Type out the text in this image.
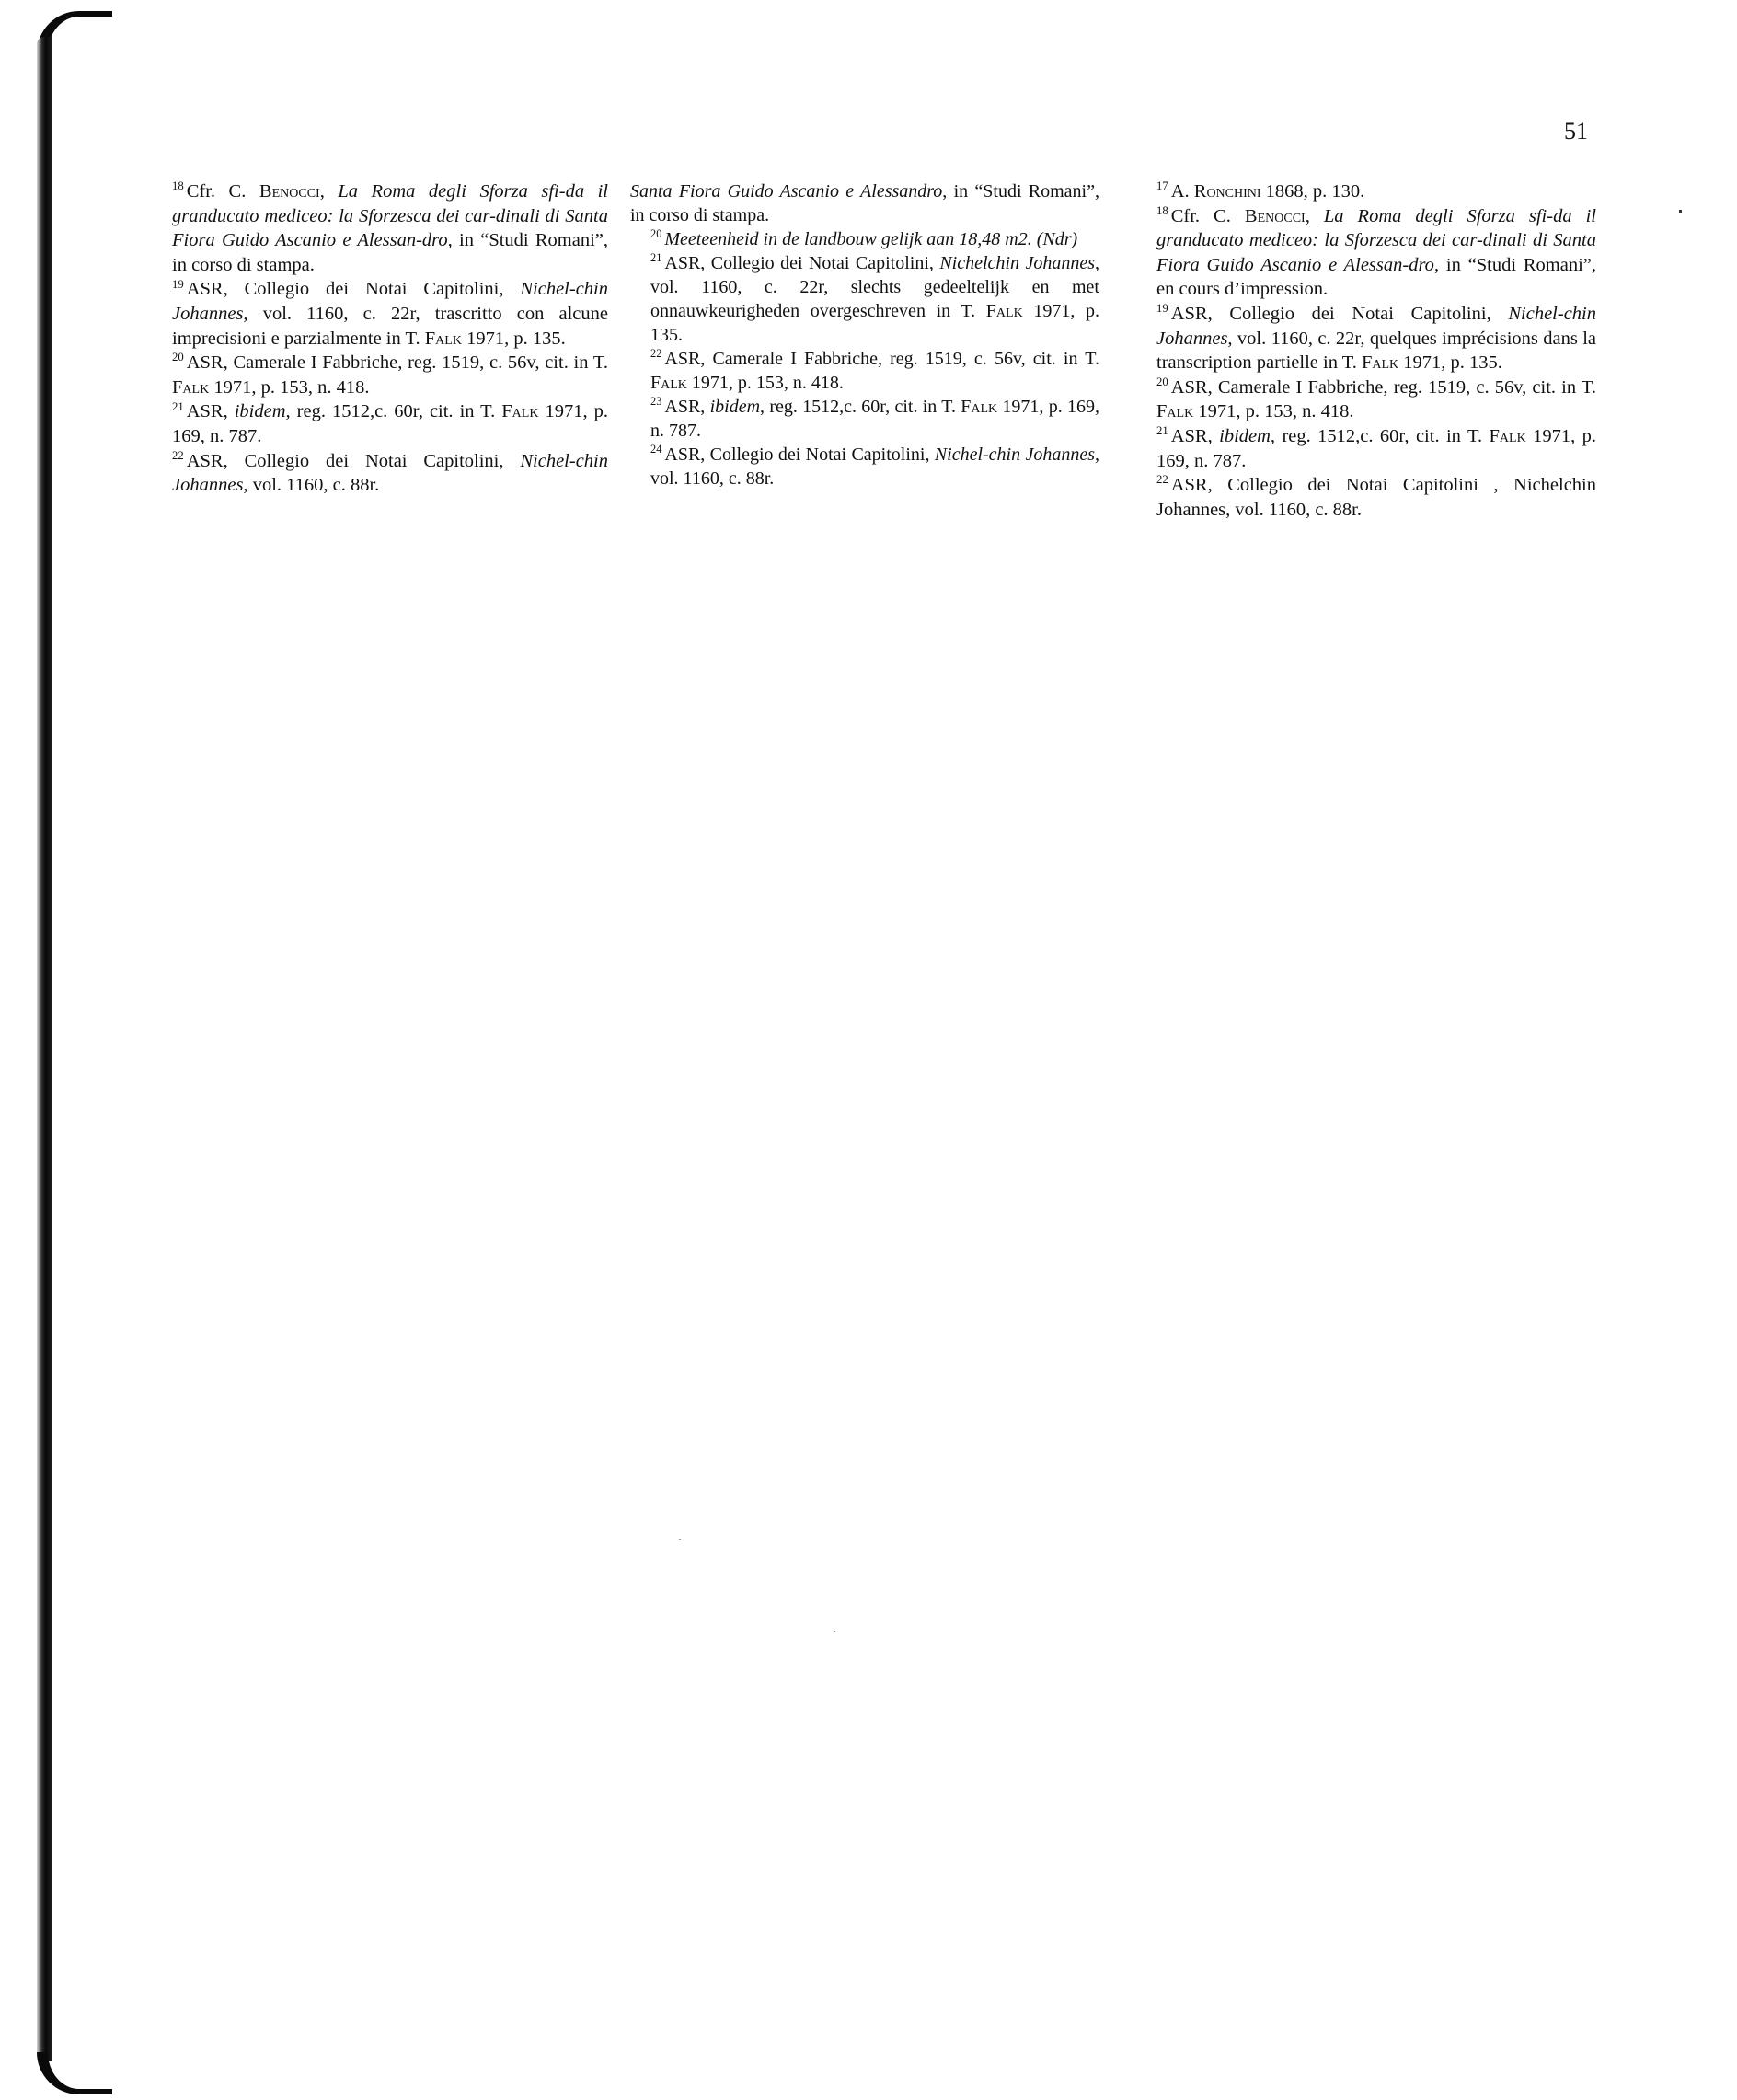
51

$^{18}$ Cfr. C. Benocci, La Roma degli Sforza sfi-da il granducato mediceo: la Sforzesca dei car-dinali di Santa Fiora Guido Ascanio e Alessan-dro, in “Studi Romani”, in corso di stampa.

$^{19}$ ASR, Collegio dei Notai Capitolini, Nichel-chin Johannes, vol. 1160, c. 22r, trascritto con alcune imprecisioni e parzialmente in T. Falk 1971, p. 135.

$^{20}$ ASR, Camerale I Fabbriche, reg. 1519, c. 56v, cit. in T. Falk 1971, p. 153, n. 418.

$^{21}$ ASR, ibidem, reg. 1512,c. 60r, cit. in T. Falk 1971, p. 169, n. 787.

$^{22}$ ASR, Collegio dei Notai Capitolini, Nichel-chin Johannes, vol. 1160, c. 88r.

Santa Fiora Guido Ascanio e Alessandro, in “Studi Romani”, in corso di stampa.

$^{20}$ Meeteenheid in de landbouw gelijk aan 18,48 m2. (Ndr)

$^{21}$ ASR, Collegio dei Notai Capitolini, Nichelchin Johannes, vol. 1160, c. 22r, slechts gedeeltelijk en met onnauwkeurigheden overgeschreven in T. Falk 1971, p. 135.

$^{22}$ ASR, Camerale I Fabbriche, reg. 1519, c. 56v, cit. in T. Falk 1971, p. 153, n. 418.

$^{23}$ ASR, ibidem, reg. 1512,c. 60r, cit. in T. Falk 1971, p. 169, n. 787.

$^{24}$ ASR, Collegio dei Notai Capitolini, Nichel-chin Johannes, vol. 1160, c. 88r.

$^{17}$ A. Ronchini 1868, p. 130.

$^{18}$ Cfr. C. Benocci, La Roma degli Sforza sfi-da il granducato mediceo: la Sforzesca dei car-dinali di Santa Fiora Guido Ascanio e Alessan-dro, in “Studi Romani”, en cours d’impression.

$^{19}$ ASR, Collegio dei Notai Capitolini, Nichel-chin Johannes, vol. 1160, c. 22r, quelques imprécisions dans la transcription partielle in T. Falk 1971, p. 135.

$^{20}$ ASR, Camerale I Fabbriche, reg. 1519, c. 56v, cit. in T. Falk 1971, p. 153, n. 418.

$^{21}$ ASR, ibidem, reg. 1512,c. 60r, cit. in T. Falk 1971, p. 169, n. 787.

$^{22}$ ASR, Collegio dei Notai Capitolini , Nichelchin Johannes, vol. 1160, c. 88r.
